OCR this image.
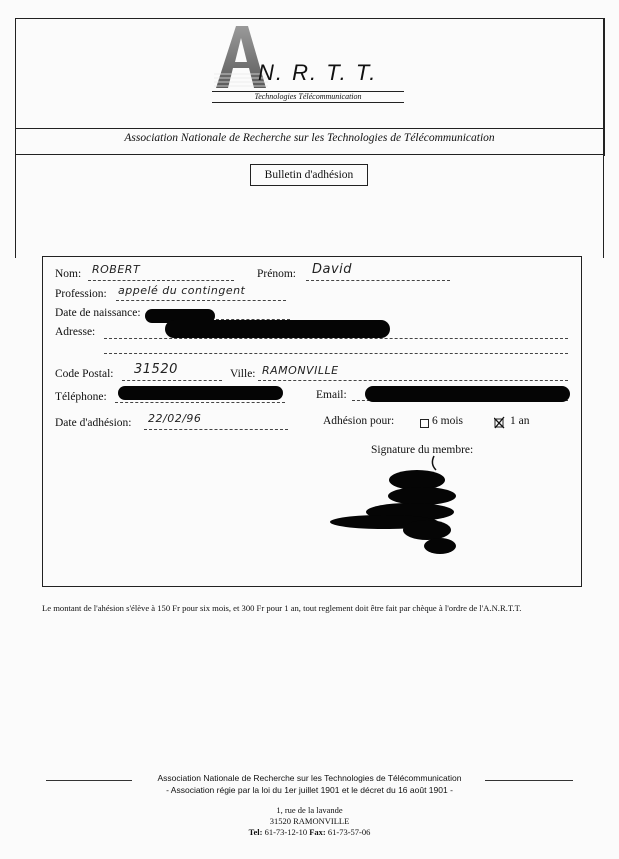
N. R. T. T.
Technologies Télécommunication
Association Nationale de Recherche sur les Technologies de Télécommunication
Bulletin d'adhésion
Nom: ROBERT	Prénom: David
Profession: appelé du contingent
Date de naissance:
Adresse:
Code Postal: 31520	Ville: RAMONVILLE
Téléphone:	Email:
Date d'adhésion: 22/02/96	Adhésion pour:	6 mois	1 an
Signature du membre:
Le montant de l'ahésion s'élève à 150 Fr pour six mois, et 300 Fr pour 1 an, tout reglement doit être fait par chèque à l'ordre de l'A.N.R.T.T.
Association Nationale de Recherche sur les Technologies de Télécommunication
- Association régie par la loi du 1er juillet 1901 et le décret du 16 août 1901 -
1, rue de la lavande
31520 RAMONVILLE
Tel: 61-73-12-10 Fax: 61-73-57-06
